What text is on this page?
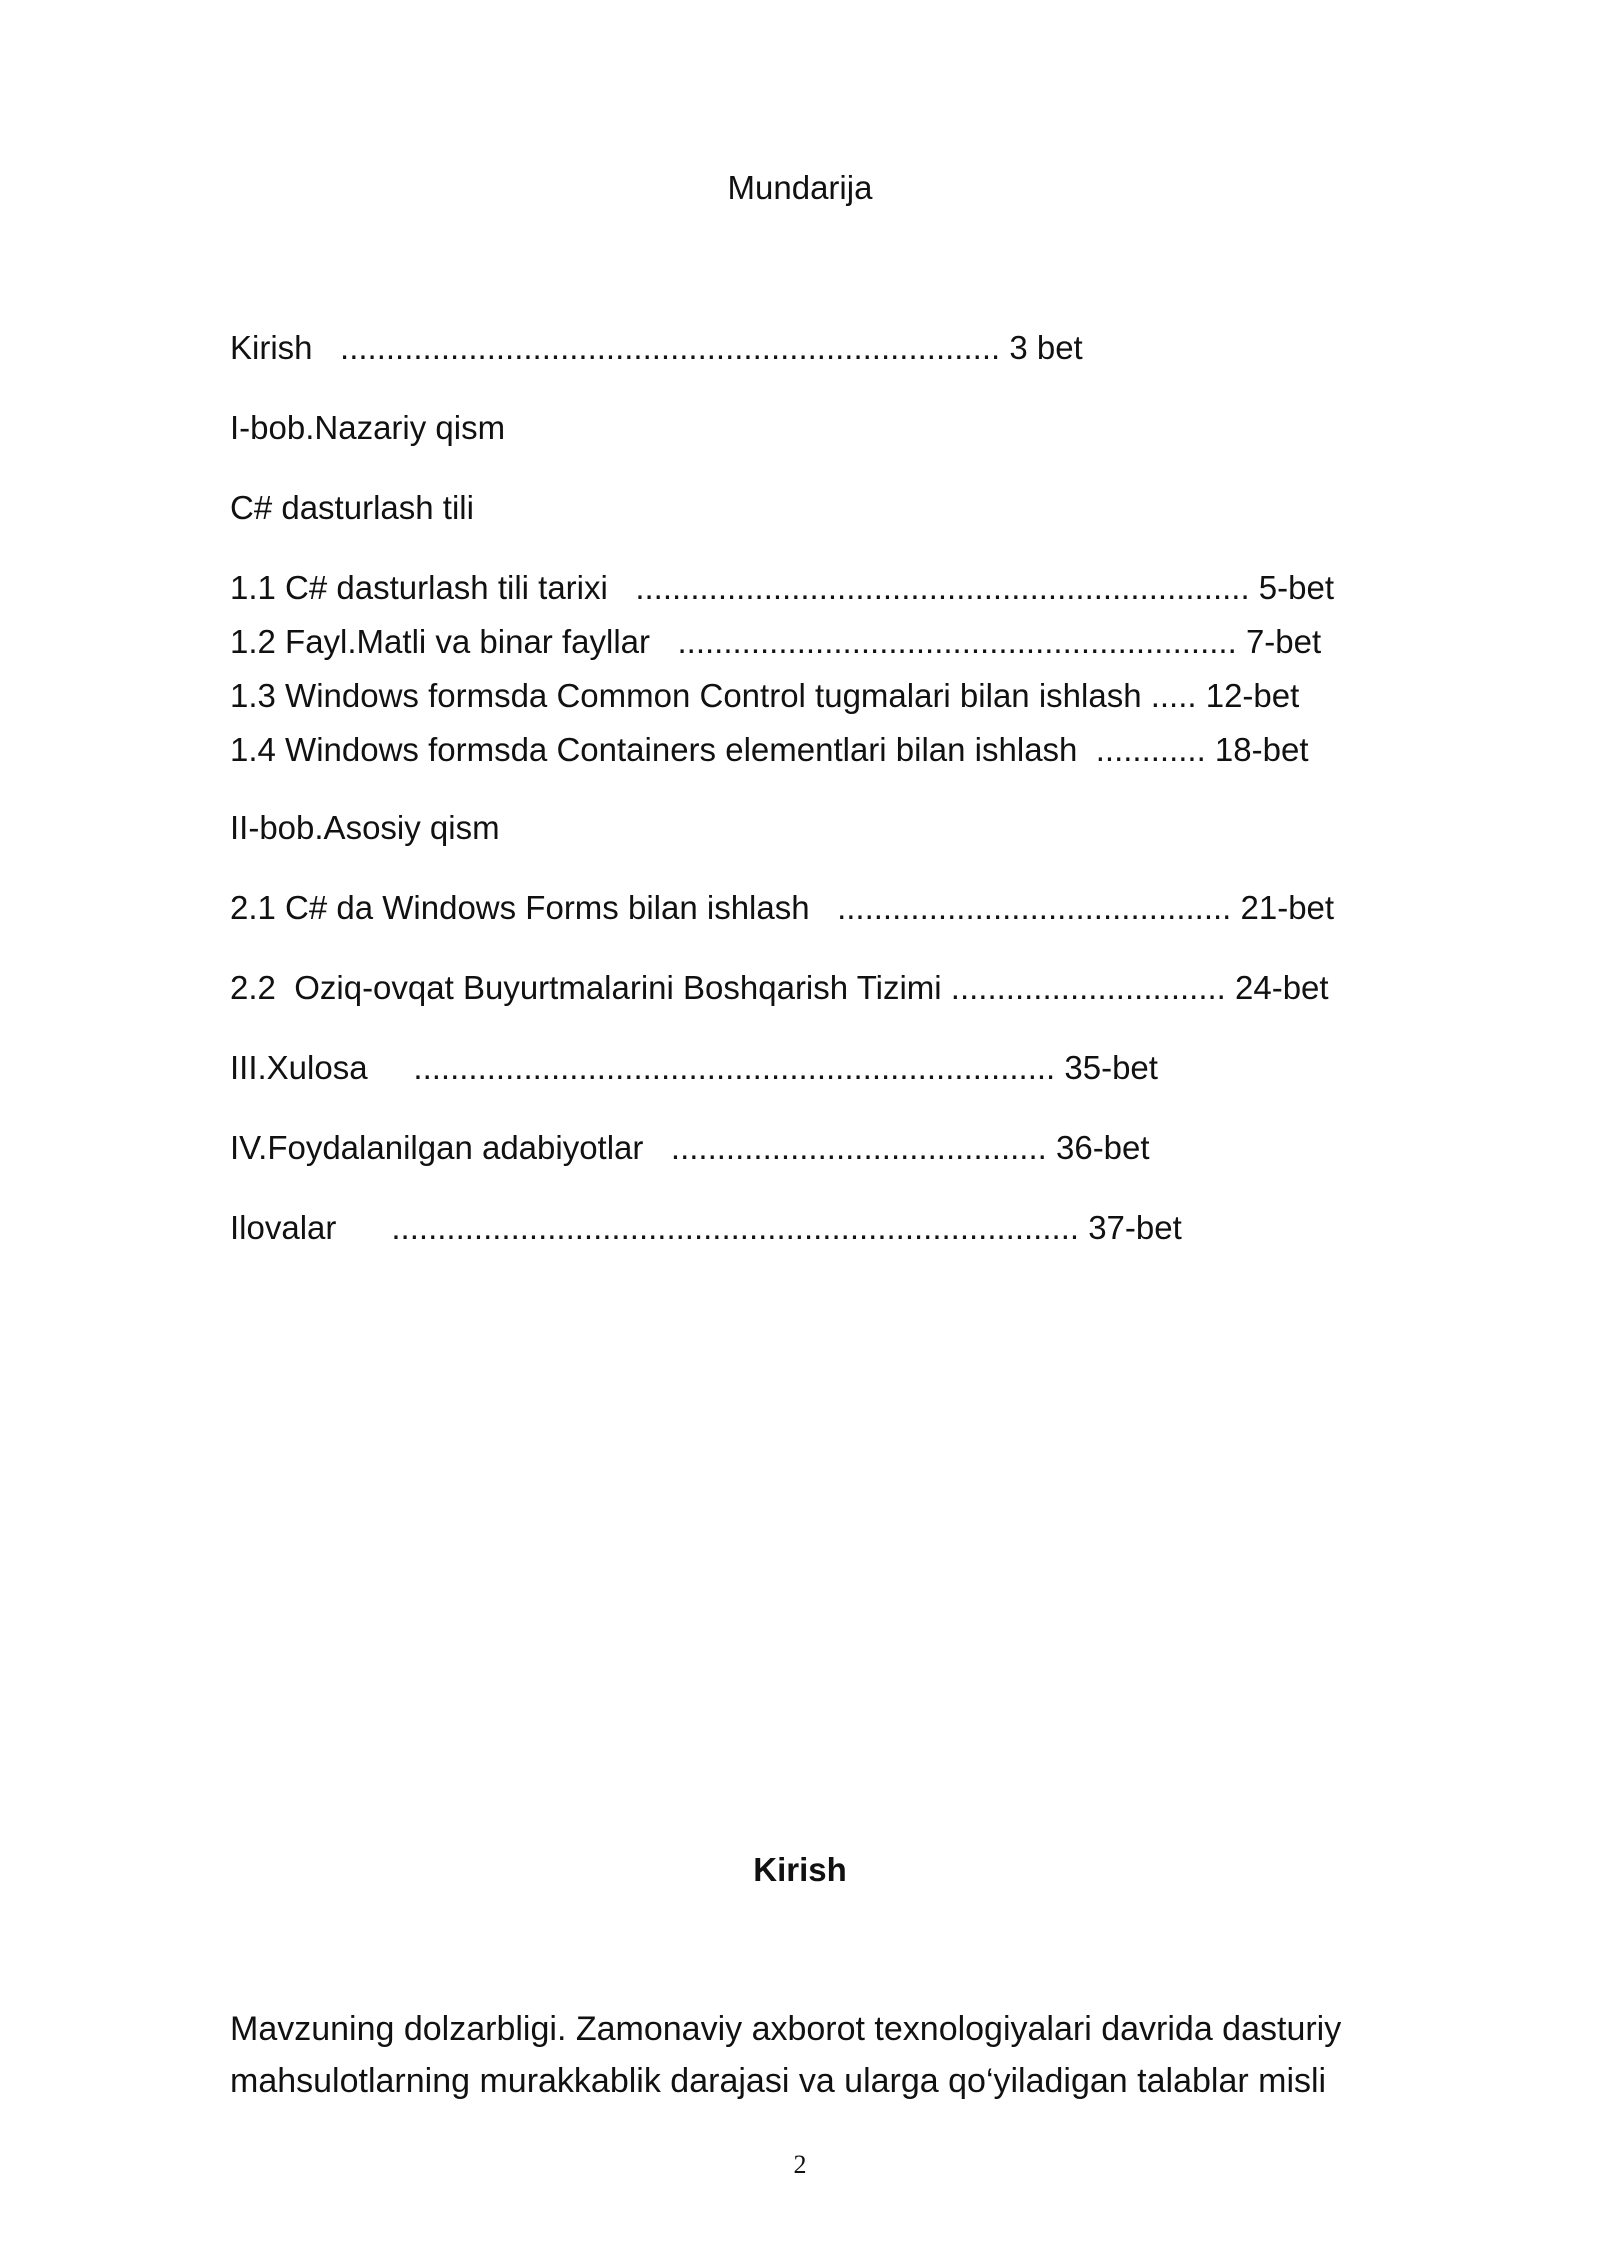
Mundarija
Kirish   ........................................................................ 3 bet
I-bob.Nazariy qism
C# dasturlash tili
1.1 C# dasturlash tili tarixi   ................................................................... 5-bet
1.2 Fayl.Matli va binar fayllar   ............................................................. 7-bet
1.3 Windows formsda Common Control tugmalari bilan ishlash ..... 12-bet
1.4 Windows formsda Containers elementlari bilan ishlash  ............ 18-bet
II-bob.Asosiy qism
2.1 C# da Windows Forms bilan ishlash   ........................................... 21-bet
2.2  Oziq-ovqat Buyurtmalarini Boshqarish Tizimi .............................. 24-bet
III.Xulosa     ...................................................................... 35-bet
IV.Foydalanilgan adabiyotlar   ......................................... 36-bet
Ilovalar      ........................................................................... 37-bet
Kirish
Mavzuning dolzarbligi. Zamonaviy axborot texnologiyalari davrida dasturiy
mahsulotlarning murakkablik darajasi va ularga qo‘yiladigan talablar misli
2
